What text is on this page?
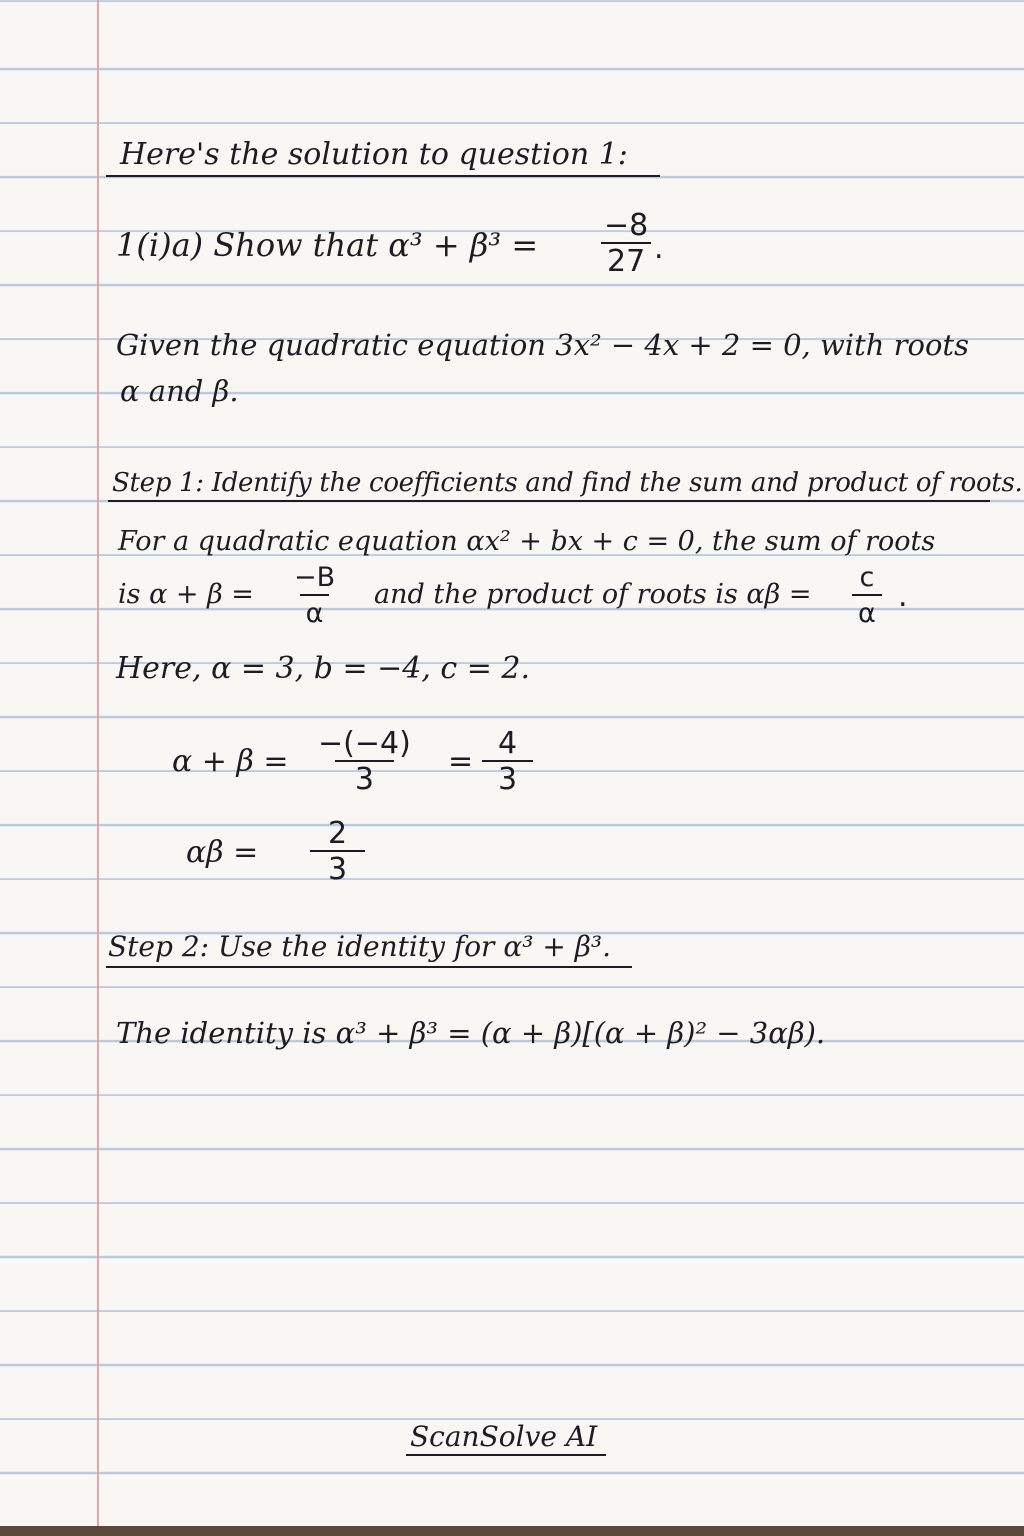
Here's the solution to question 1:
1(i)a) Show that $\alpha^3 + \beta^3 = \frac{-8}{27}$ .
Given the quadratic equation 3x² − 4x + 2 = 0, with roots
α and β.
Step 1: Identify the coefficients and find the sum and product of roots.
For a quadratic equation αx² + bx + c = 0, the sum of roots
is $\alpha + \beta = \frac{-B}{\alpha}$ and the product of roots is $\alpha\beta = \frac{c}{\alpha}$ .
Here, α = 3, b = −4, c = 2.
$\alpha + \beta = \frac{-(-4)}{3} = \frac{4}{3}$
$\alpha\beta = \frac{2}{3}$
Step 2: Use the identity for α³ + β³.
The identity is α³ + β³ = (α + β)[(α + β)² − 3αβ).
ScanSolve AI
